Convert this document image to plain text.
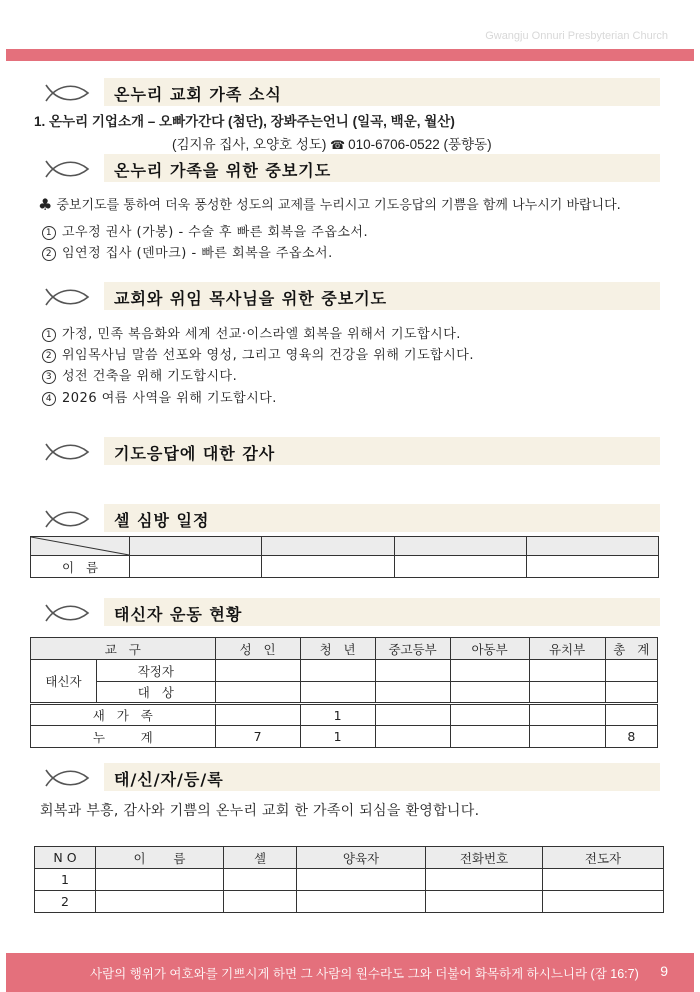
Gwangju Onnuri Presbyterian Church
온누리 교회 가족 소식
1. 온누리 기업소개 – 오빠가간다 (첨단), 장봐주는언니 (일곡, 백운, 월산)
(김지유 집사, 오양호 성도) ☎ 010-6706-0522 (풍향동)
온누리 가족을 위한 중보기도
♣ 중보기도를 통하여 더욱 풍성한 성도의 교제를 누리시고 기도응답의 기쁨을 함께 나누시기 바랍니다.
1 고우정 권사 (가봉) - 수술 후 빠른 회복을 주옵소서.
2 임연정 집사 (덴마크) - 빠른 회복을 주옵소서.
교회와 위임 목사님을 위한 중보기도
1 가정, 민족 복음화와 세계 선교·이스라엘 회복을 위해서 기도합시다.
2 위임목사님 말씀 선포와 영성, 그리고 영육의 건강을 위해 기도합시다.
3 성전 건축을 위해 기도합시다.
4 2026 여름 사역을 위해 기도합시다.
기도응답에 대한 감사
셀 심방 일정

이   름				
태신자 운동 현황
교   구		성   인	청   년	중고등부	아동부	유치부	총   계
태신자	작정자						
	대   상						
새   가   족			1				
누         계		7	1				8
태/신/자/등/록
회복과 부흥, 감사와 기쁨의 온누리 교회 한 가족이 되심을 환영합니다.
N O	이       름	셀	양육자	전화번호	전도자
1					
2					
사람의 행위가 여호와를 기쁘시게 하면 그 사람의 원수라도 그와 더불어 화목하게 하시느니라 (잠 16:7) 9
